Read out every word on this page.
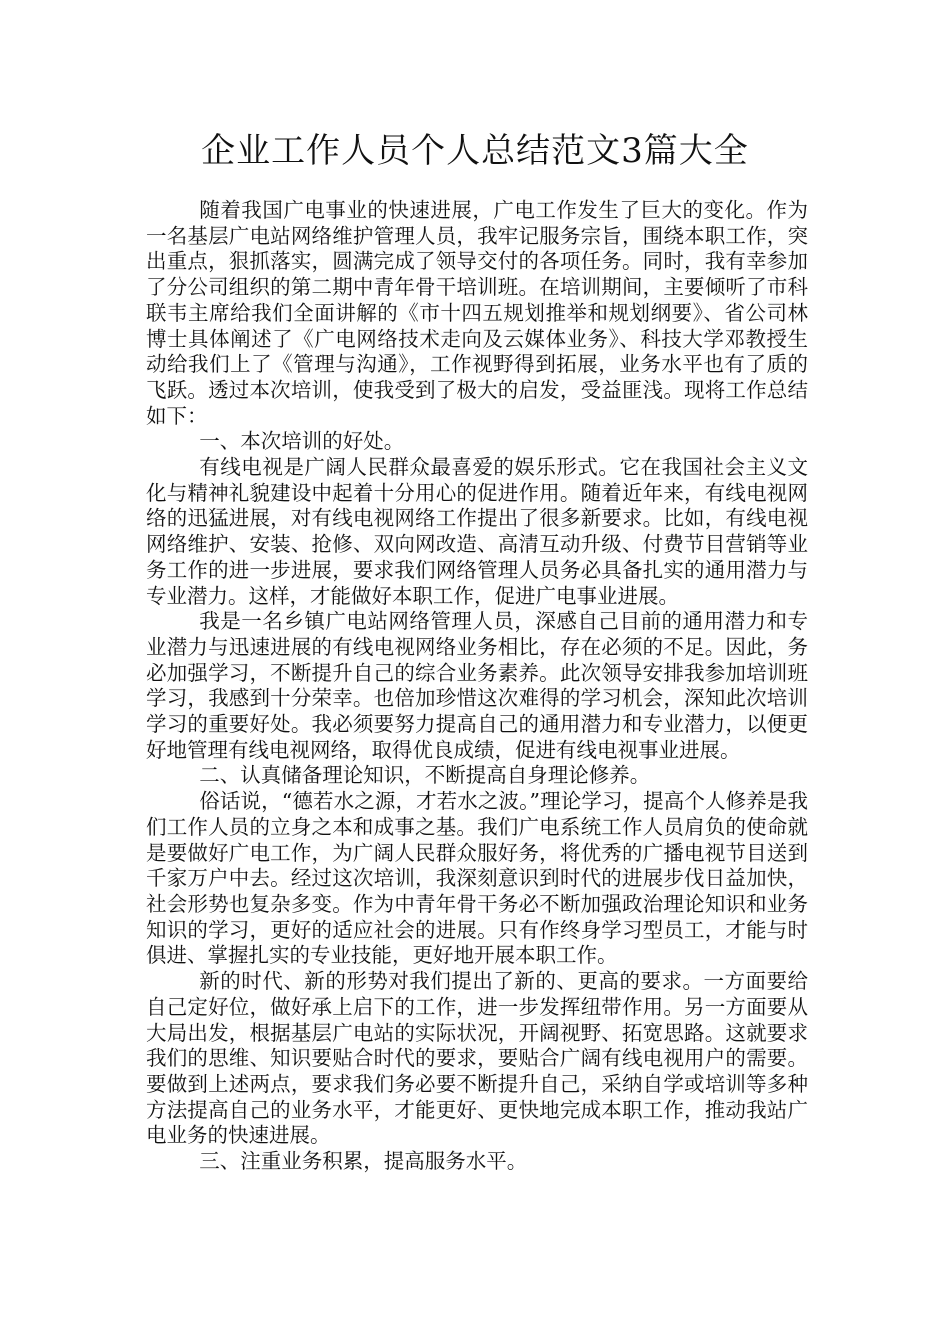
企业工作人员个人总结范文3篇大全

随着我国广电事业的快速进展，广电工作发生了巨大的变化。作为一名基层广电站网络维护管理人员，我牢记服务宗旨，围绕本职工作，突出重点，狠抓落实，圆满完成了领导交付的各项任务。同时，我有幸参加了分公司组织的第二期中青年骨干培训班。在培训期间，主要倾听了市科联韦主席给我们全面讲解的《市十四五规划推举和规划纲要》、省公司林博士具体阐述了《广电网络技术走向及云媒体业务》、科技大学邓教授生动给我们上了《管理与沟通》，工作视野得到拓展，业务水平也有了质的飞跃。透过本次培训，使我受到了极大的启发，受益匪浅。现将工作总结如下：

一、本次培训的好处。

有线电视是广阔人民群众最喜爱的娱乐形式。它在我国社会主义文化与精神礼貌建设中起着十分用心的促进作用。随着近年来，有线电视网络的迅猛进展，对有线电视网络工作提出了很多新要求。比如，有线电视网络维护、安装、抢修、双向网改造、高清互动升级、付费节目营销等业务工作的进一步进展，要求我们网络管理人员务必具备扎实的通用潜力与专业潜力。这样，才能做好本职工作，促进广电事业进展。

我是一名乡镇广电站网络管理人员，深感自己目前的通用潜力和专业潜力与迅速进展的有线电视网络业务相比，存在必须的不足。因此，务必加强学习，不断提升自己的综合业务素养。此次领导安排我参加培训班学习，我感到十分荣幸。也倍加珍惜这次难得的学习机会，深知此次培训学习的重要好处。我必须要努力提高自己的通用潜力和专业潜力，以便更好地管理有线电视网络，取得优良成绩，促进有线电视事业进展。

二、认真储备理论知识，不断提高自身理论修养。

俗话说，“德若水之源，才若水之波。”理论学习，提高个人修养是我们工作人员的立身之本和成事之基。我们广电系统工作人员肩负的使命就是要做好广电工作，为广阔人民群众服好务，将优秀的广播电视节目送到千家万户中去。经过这次培训，我深刻意识到时代的进展步伐日益加快，社会形势也复杂多变。作为中青年骨干务必不断加强政治理论知识和业务知识的学习，更好的适应社会的进展。只有作终身学习型员工，才能与时俱进、掌握扎实的专业技能，更好地开展本职工作。

新的时代、新的形势对我们提出了新的、更高的要求。一方面要给自己定好位，做好承上启下的工作，进一步发挥纽带作用。另一方面要从大局出发，根据基层广电站的实际状况，开阔视野、拓宽思路。这就要求我们的思维、知识要贴合时代的要求，要贴合广阔有线电视用户的需要。要做到上述两点，要求我们务必要不断提升自己，采纳自学或培训等多种方法提高自己的业务水平，才能更好、更快地完成本职工作，推动我站广电业务的快速进展。

三、注重业务积累，提高服务水平。
